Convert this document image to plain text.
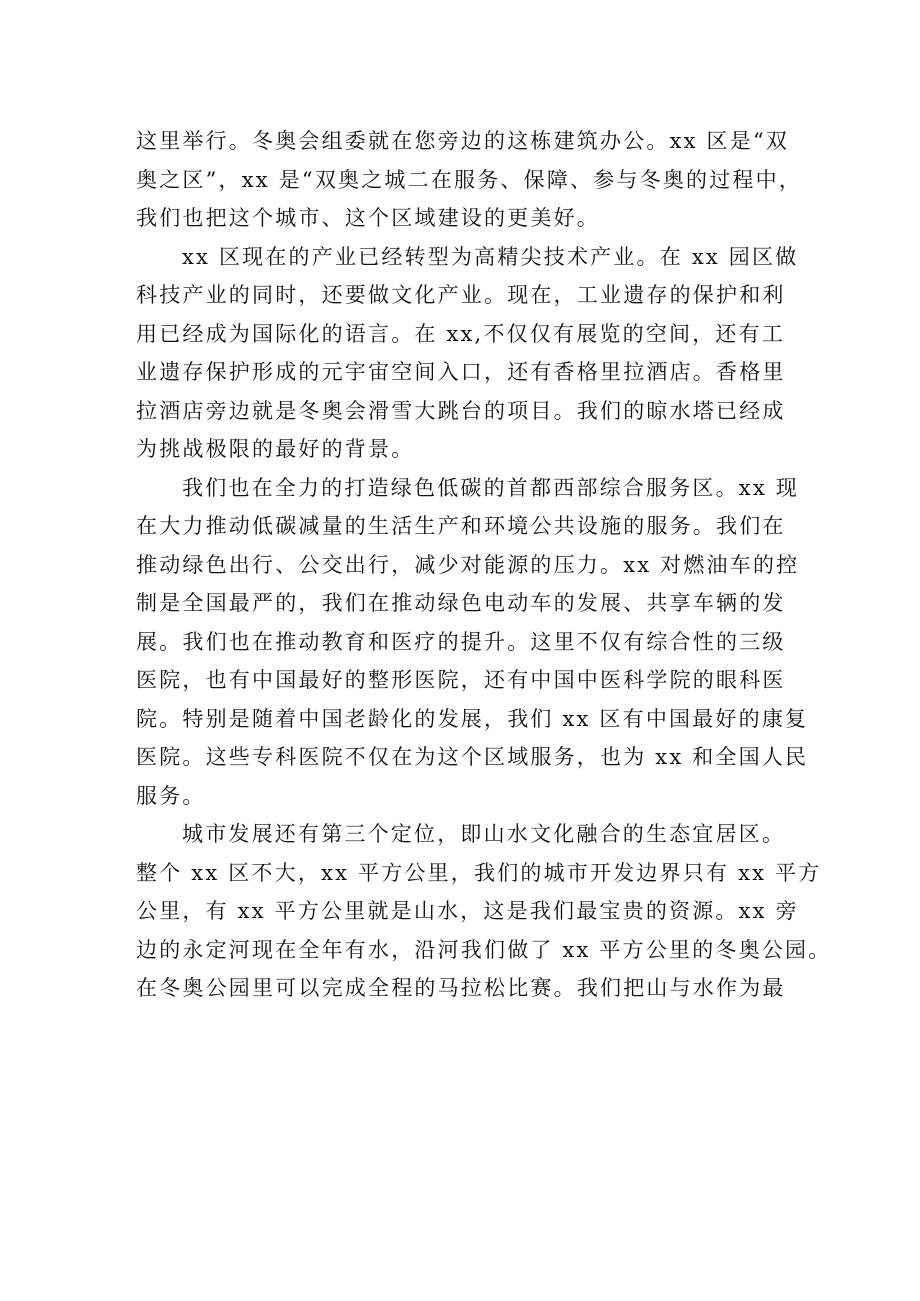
这里举行。冬奥会组委就在您旁边的这栋建筑办公。xx 区是“双
奥之区”，xx 是“双奥之城二在服务、保障、参与冬奥的过程中，
我们也把这个城市、这个区域建设的更美好。

xx 区现在的产业已经转型为高精尖技术产业。在 xx 园区做
科技产业的同时，还要做文化产业。现在，工业遗存的保护和利
用已经成为国际化的语言。在 xx,不仅仅有展览的空间，还有工
业遗存保护形成的元宇宙空间入口，还有香格里拉酒店。香格里
拉酒店旁边就是冬奥会滑雪大跳台的项目。我们的晾水塔已经成
为挑战极限的最好的背景。

我们也在全力的打造绿色低碳的首都西部综合服务区。xx 现
在大力推动低碳减量的生活生产和环境公共设施的服务。我们在
推动绿色出行、公交出行，减少对能源的压力。xx 对燃油车的控
制是全国最严的，我们在推动绿色电动车的发展、共享车辆的发
展。我们也在推动教育和医疗的提升。这里不仅有综合性的三级
医院，也有中国最好的整形医院，还有中国中医科学院的眼科医
院。特别是随着中国老龄化的发展，我们 xx 区有中国最好的康复
医院。这些专科医院不仅在为这个区域服务，也为 xx 和全国人民
服务。

城市发展还有第三个定位，即山水文化融合的生态宜居区。
整个 xx 区不大，xx 平方公里，我们的城市开发边界只有 xx 平方
公里，有 xx 平方公里就是山水，这是我们最宝贵的资源。xx 旁
边的永定河现在全年有水，沿河我们做了 xx 平方公里的冬奥公园。
在冬奥公园里可以完成全程的马拉松比赛。我们把山与水作为最
